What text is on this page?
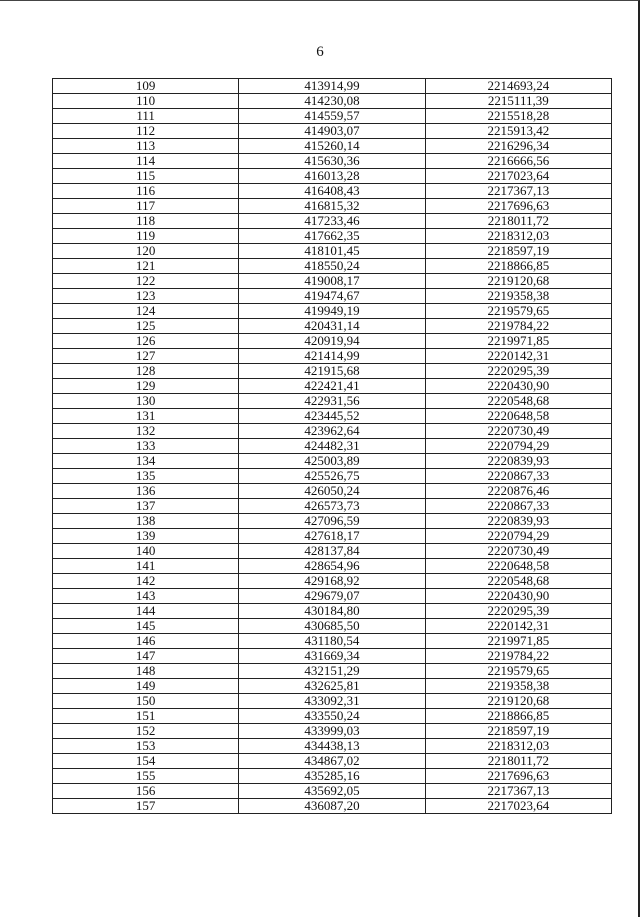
6
109	413914,99	2214693,24
110	414230,08	2215111,39
111	414559,57	2215518,28
112	414903,07	2215913,42
113	415260,14	2216296,34
114	415630,36	2216666,56
115	416013,28	2217023,64
116	416408,43	2217367,13
117	416815,32	2217696,63
118	417233,46	2218011,72
119	417662,35	2218312,03
120	418101,45	2218597,19
121	418550,24	2218866,85
122	419008,17	2219120,68
123	419474,67	2219358,38
124	419949,19	2219579,65
125	420431,14	2219784,22
126	420919,94	2219971,85
127	421414,99	2220142,31
128	421915,68	2220295,39
129	422421,41	2220430,90
130	422931,56	2220548,68
131	423445,52	2220648,58
132	423962,64	2220730,49
133	424482,31	2220794,29
134	425003,89	2220839,93
135	425526,75	2220867,33
136	426050,24	2220876,46
137	426573,73	2220867,33
138	427096,59	2220839,93
139	427618,17	2220794,29
140	428137,84	2220730,49
141	428654,96	2220648,58
142	429168,92	2220548,68
143	429679,07	2220430,90
144	430184,80	2220295,39
145	430685,50	2220142,31
146	431180,54	2219971,85
147	431669,34	2219784,22
148	432151,29	2219579,65
149	432625,81	2219358,38
150	433092,31	2219120,68
151	433550,24	2218866,85
152	433999,03	2218597,19
153	434438,13	2218312,03
154	434867,02	2218011,72
155	435285,16	2217696,63
156	435692,05	2217367,13
157	436087,20	2217023,64
